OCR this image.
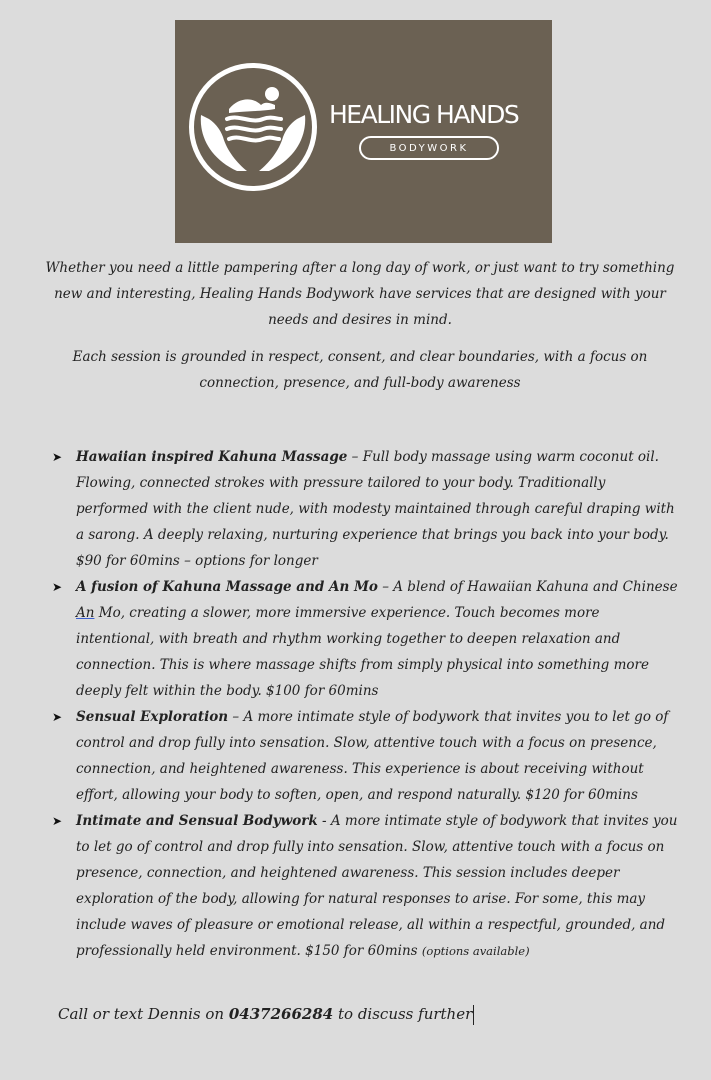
HEALING HANDS
BODYWORK

Whether you need a little pampering after a long day of work, or just want to try something new and interesting, Healing Hands Bodywork have services that are designed with your needs and desires in mind.

Each session is grounded in respect, consent, and clear boundaries, with a focus on connection, presence, and full-body awareness

➤ Hawaiian inspired Kahuna Massage – Full body massage using warm coconut oil. Flowing, connected strokes with pressure tailored to your body. Traditionally performed with the client nude, with modesty maintained through careful draping with a sarong. A deeply relaxing, nurturing experience that brings you back into your body. $90 for 60mins – options for longer
➤ A fusion of Kahuna Massage and An Mo – A blend of Hawaiian Kahuna and Chinese An Mo, creating a slower, more immersive experience. Touch becomes more intentional, with breath and rhythm working together to deepen relaxation and connection. This is where massage shifts from simply physical into something more deeply felt within the body. $100 for 60mins
➤ Sensual Exploration – A more intimate style of bodywork that invites you to let go of control and drop fully into sensation. Slow, attentive touch with a focus on presence, connection, and heightened awareness. This experience is about receiving without effort, allowing your body to soften, open, and respond naturally. $120 for 60mins
➤ Intimate and Sensual Bodywork - A more intimate style of bodywork that invites you to let go of control and drop fully into sensation. Slow, attentive touch with a focus on presence, connection, and heightened awareness. This session includes deeper exploration of the body, allowing for natural responses to arise. For some, this may include waves of pleasure or emotional release, all within a respectful, grounded, and professionally held environment. $150 for 60mins (options available)
Call or text Dennis on 0437266284 to discuss further
